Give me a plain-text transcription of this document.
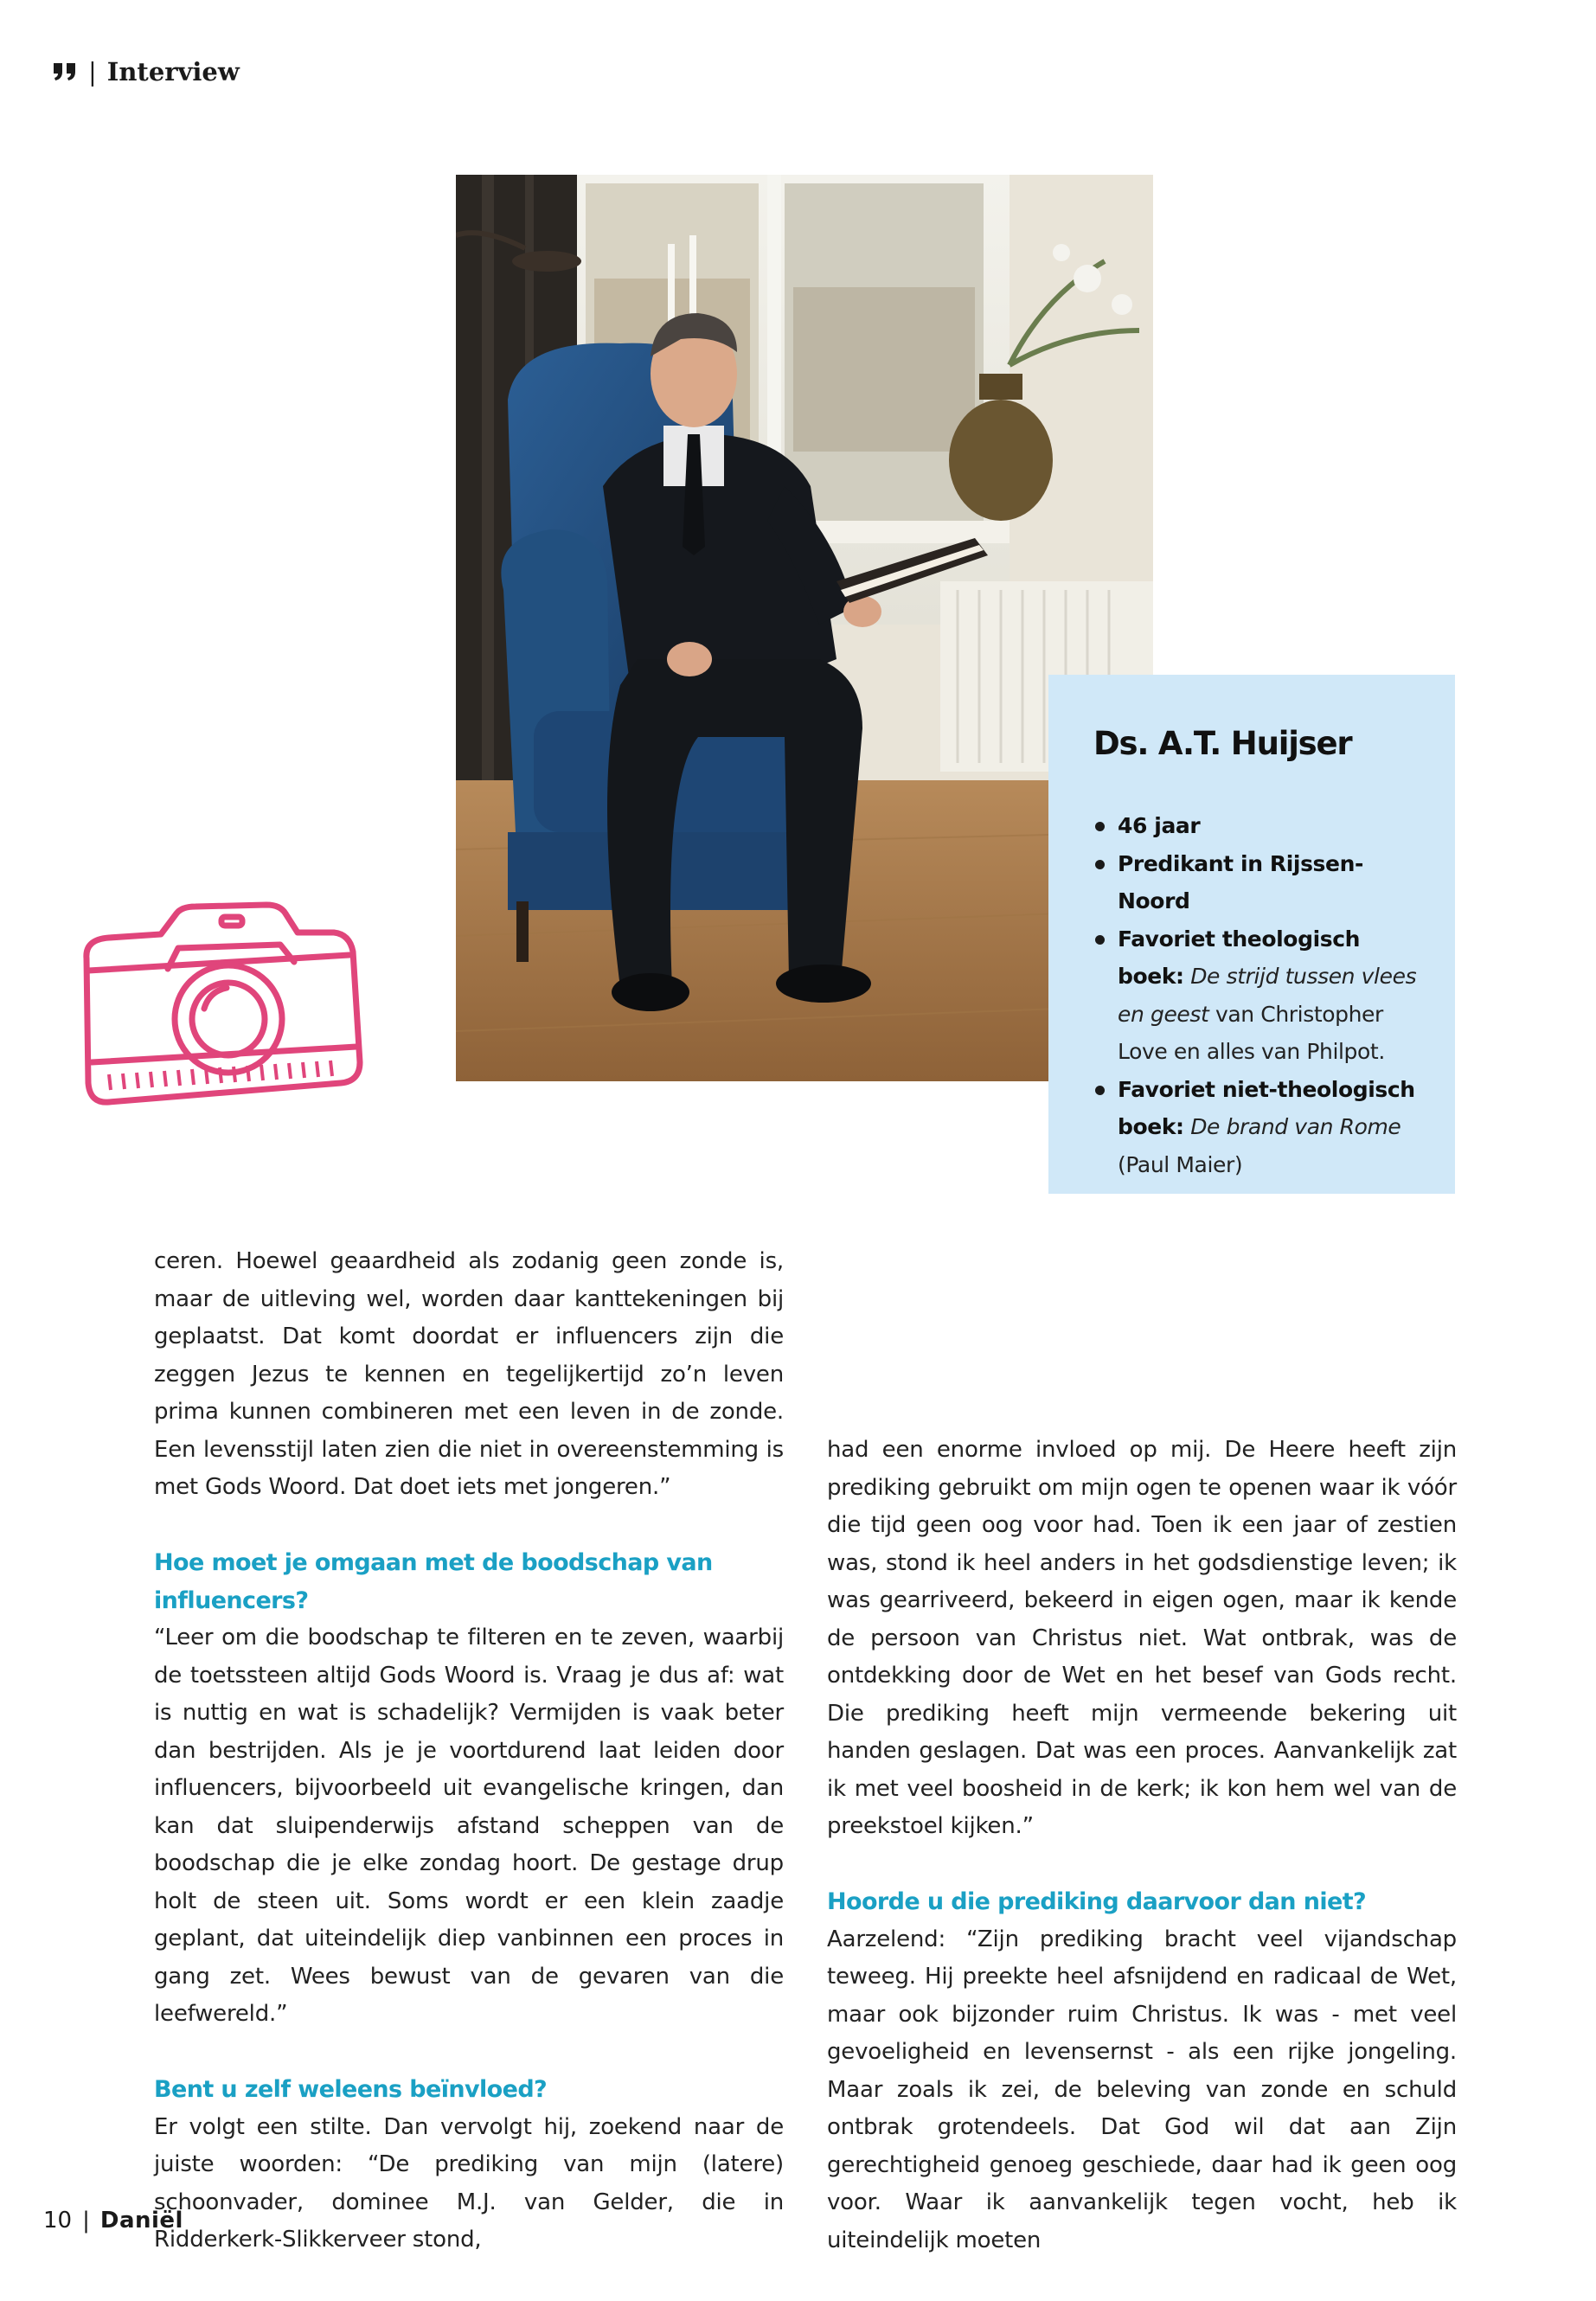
| Interview
Ds. A.T. Huijser
46 jaar
Predikant in Rijssen-Noord
Favoriet theologisch boek: De strijd tussen vlees en geest van Christopher Love en alles van Philpot.
Favoriet niet-theologisch boek: De brand van Rome (Paul Maier)

ceren. Hoewel geaardheid als zodanig geen zonde is, maar de uitleving wel, worden daar kanttekeningen bij geplaatst. Dat komt doordat er influencers zijn die zeggen Jezus te kennen en tegelijkertijd zo’n leven prima kunnen combineren met een leven in de zonde. Een levensstijl laten zien die niet in overeenstemming is met Gods Woord. Dat doet iets met jongeren.”

Hoe moet je omgaan met de boodschap van influencers?

“Leer om die boodschap te filteren en te zeven, waarbij de toetssteen altijd Gods Woord is. Vraag je dus af: wat is nuttig en wat is schadelijk? Vermijden is vaak beter dan bestrijden. Als je je voortdurend laat leiden door influencers, bijvoorbeeld uit evangelische kringen, dan kan dat sluipenderwijs afstand scheppen van de boodschap die je elke zondag hoort. De gestage drup holt de steen uit. Soms wordt er een klein zaadje geplant, dat uiteindelijk diep vanbinnen een proces in gang zet. Wees bewust van de gevaren van die leefwereld.”

Bent u zelf weleens beïnvloed?

Er volgt een stilte. Dan vervolgt hij, zoekend naar de juiste woorden: “De prediking van mijn (latere) schoonvader, dominee M.J. van Gelder, die in Ridderkerk-Slikkerveer stond,

had een enorme invloed op mij. De Heere heeft zijn prediking gebruikt om mijn ogen te openen waar ik vóór die tijd geen oog voor had. Toen ik een jaar of zestien was, stond ik heel anders in het godsdienstige leven; ik was gearriveerd, bekeerd in eigen ogen, maar ik kende de persoon van Christus niet. Wat ontbrak, was de ontdekking door de Wet en het besef van Gods recht. Die prediking heeft mijn vermeende bekering uit handen geslagen. Dat was een proces. Aanvankelijk zat ik met veel boosheid in de kerk; ik kon hem wel van de preekstoel kijken.”

Hoorde u die prediking daarvoor dan niet?

Aarzelend: “Zijn prediking bracht veel vijandschap teweeg. Hij preekte heel afsnijdend en radicaal de Wet, maar ook bijzonder ruim Christus. Ik was - met veel gevoeligheid en levensernst - als een rijke jongeling. Maar zoals ik zei, de beleving van zonde en schuld ontbrak grotendeels. Dat God wil dat aan Zijn gerechtigheid genoeg geschiede, daar had ik geen oog voor. Waar ik aanvankelijk tegen vocht, heb ik uiteindelijk moeten

10 | Daniël
